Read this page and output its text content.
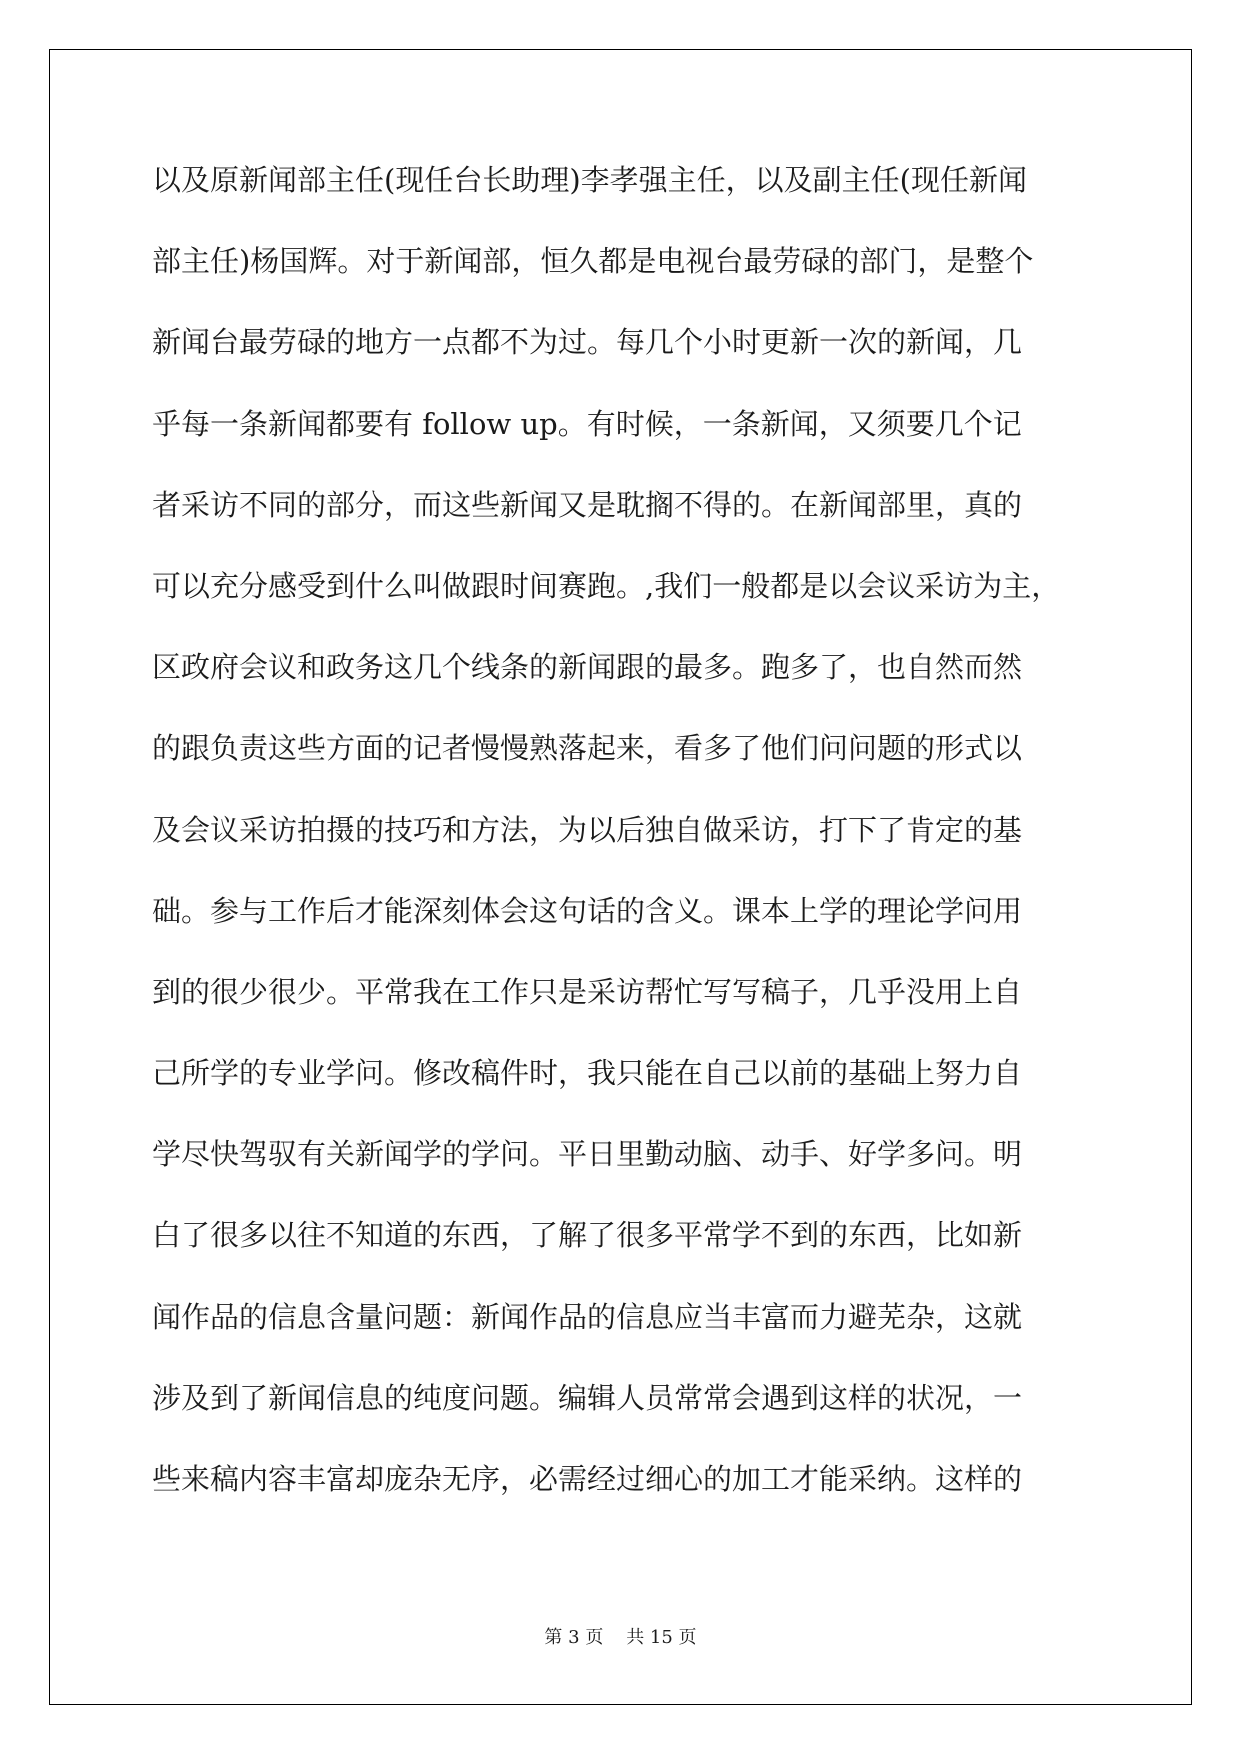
以及原新闻部主任(现任台长助理)李孝强主任，以及副主任(现任新闻
部主任)杨国辉。对于新闻部，恒久都是电视台最劳碌的部门，是整个
新闻台最劳碌的地方一点都不为过。每几个小时更新一次的新闻，几
乎每一条新闻都要有 follow up。有时候，一条新闻，又须要几个记
者采访不同的部分，而这些新闻又是耽搁不得的。在新闻部里，真的
可以充分感受到什么叫做跟时间赛跑。,我们一般都是以会议采访为主，
区政府会议和政务这几个线条的新闻跟的最多。跑多了，也自然而然
的跟负责这些方面的记者慢慢熟落起来，看多了他们问问题的形式以
及会议采访拍摄的技巧和方法，为以后独自做采访，打下了肯定的基
础。参与工作后才能深刻体会这句话的含义。课本上学的理论学问用
到的很少很少。平常我在工作只是采访帮忙写写稿子，几乎没用上自
己所学的专业学问。修改稿件时，我只能在自己以前的基础上努力自
学尽快驾驭有关新闻学的学问。平日里勤动脑、动手、好学多问。明
白了很多以往不知道的东西，了解了很多平常学不到的东西，比如新
闻作品的信息含量问题：新闻作品的信息应当丰富而力避芜杂，这就
涉及到了新闻信息的纯度问题。编辑人员常常会遇到这样的状况，一
些来稿内容丰富却庞杂无序，必需经过细心的加工才能采纳。这样的
第 3 页    共 15 页
